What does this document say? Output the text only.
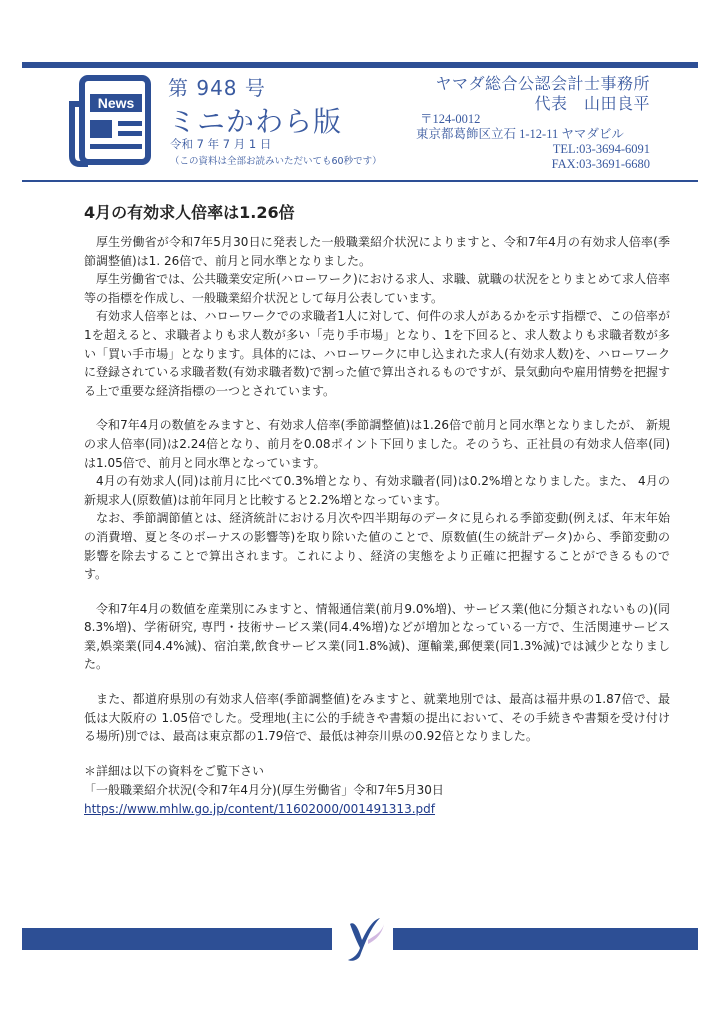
News
第 948 号
ミニかわら版
令和 7 年 7 月 1 日
（この資料は全部お読みいただいても60秒です）
ヤマダ総合公認会計士事務所
代表　山田良平
〒124-0012
東京都葛飾区立石 1-12-11 ヤマダビル
TEL:03-3694-6091
FAX:03-3691-6680
4月の有効求人倍率は1.26倍

厚生労働省が令和7年5月30日に発表した一般職業紹介状況によりますと、令和7年4月の有効求人倍率(季節調整値)は1. 26倍で、前月と同水準となりました。

厚生労働省では、公共職業安定所(ハローワーク)における求人、求職、就職の状況をとりまとめて求人倍率等の指標を作成し、一般職業紹介状況として毎月公表しています。

有効求人倍率とは、ハローワークでの求職者1人に対して、何件の求人があるかを示す指標で、この倍率が1を超えると、求職者よりも求人数が多い「売り手市場」となり、1を下回ると、求人数よりも求職者数が多い「買い手市場」となります。具体的には、ハローワークに申し込まれた求人(有効求人数)を、ハローワークに登録されている求職者数(有効求職者数)で割った値で算出されるものですが、景気動向や雇用情勢を把握する上で重要な経済指標の一つとされています。

令和7年4月の数値をみますと、有効求人倍率(季節調整値)は1.26倍で前月と同水準となりましたが、 新規の求人倍率(同)は2.24倍となり、前月を0.08ポイント下回りました。そのうち、正社員の有効求人倍率(同)は1.05倍で、前月と同水準となっています。

4月の有効求人(同)は前月に比べて0.3%増となり、有効求職者(同)は0.2%増となりました。また、 4月の新規求人(原数値)は前年同月と比較すると2.2%増となっています。

なお、季節調節値とは、経済統計における月次や四半期毎のデータに見られる季節変動(例えば、年末年始の消費増、夏と冬のボーナスの影響等)を取り除いた値のことで、原数値(生の統計データ)から、季節変動の影響を除去することで算出されます。これにより、経済の実態をより正確に把握することができるものです。

令和7年4月の数値を産業別にみますと、情報通信業(前月9.0%増)、サービス業(他に分類されないもの)(同8.3%増)、学術研究, 専門・技術サービス業(同4.4%増)などが増加となっている一方で、生活関連サービス業,娯楽業(同4.4%減)、宿泊業,飲食サービス業(同1.8%減)、運輸業,郵便業(同1.3%減)では減少となりました。

また、都道府県別の有効求人倍率(季節調整値)をみますと、就業地別では、最高は福井県の1.87倍で、最低は大阪府の 1.05倍でした。受理地(主に公的手続きや書類の提出において、その手続きや書類を受け付ける場所)別では、最高は東京都の1.79倍で、最低は神奈川県の0.92倍となりました。

＊詳細は以下の資料をご覧下さい
「一般職業紹介状況(令和7年4月分)(厚生労働省」令和7年5月30日
https://www.mhlw.go.jp/content/11602000/001491313.pdf
